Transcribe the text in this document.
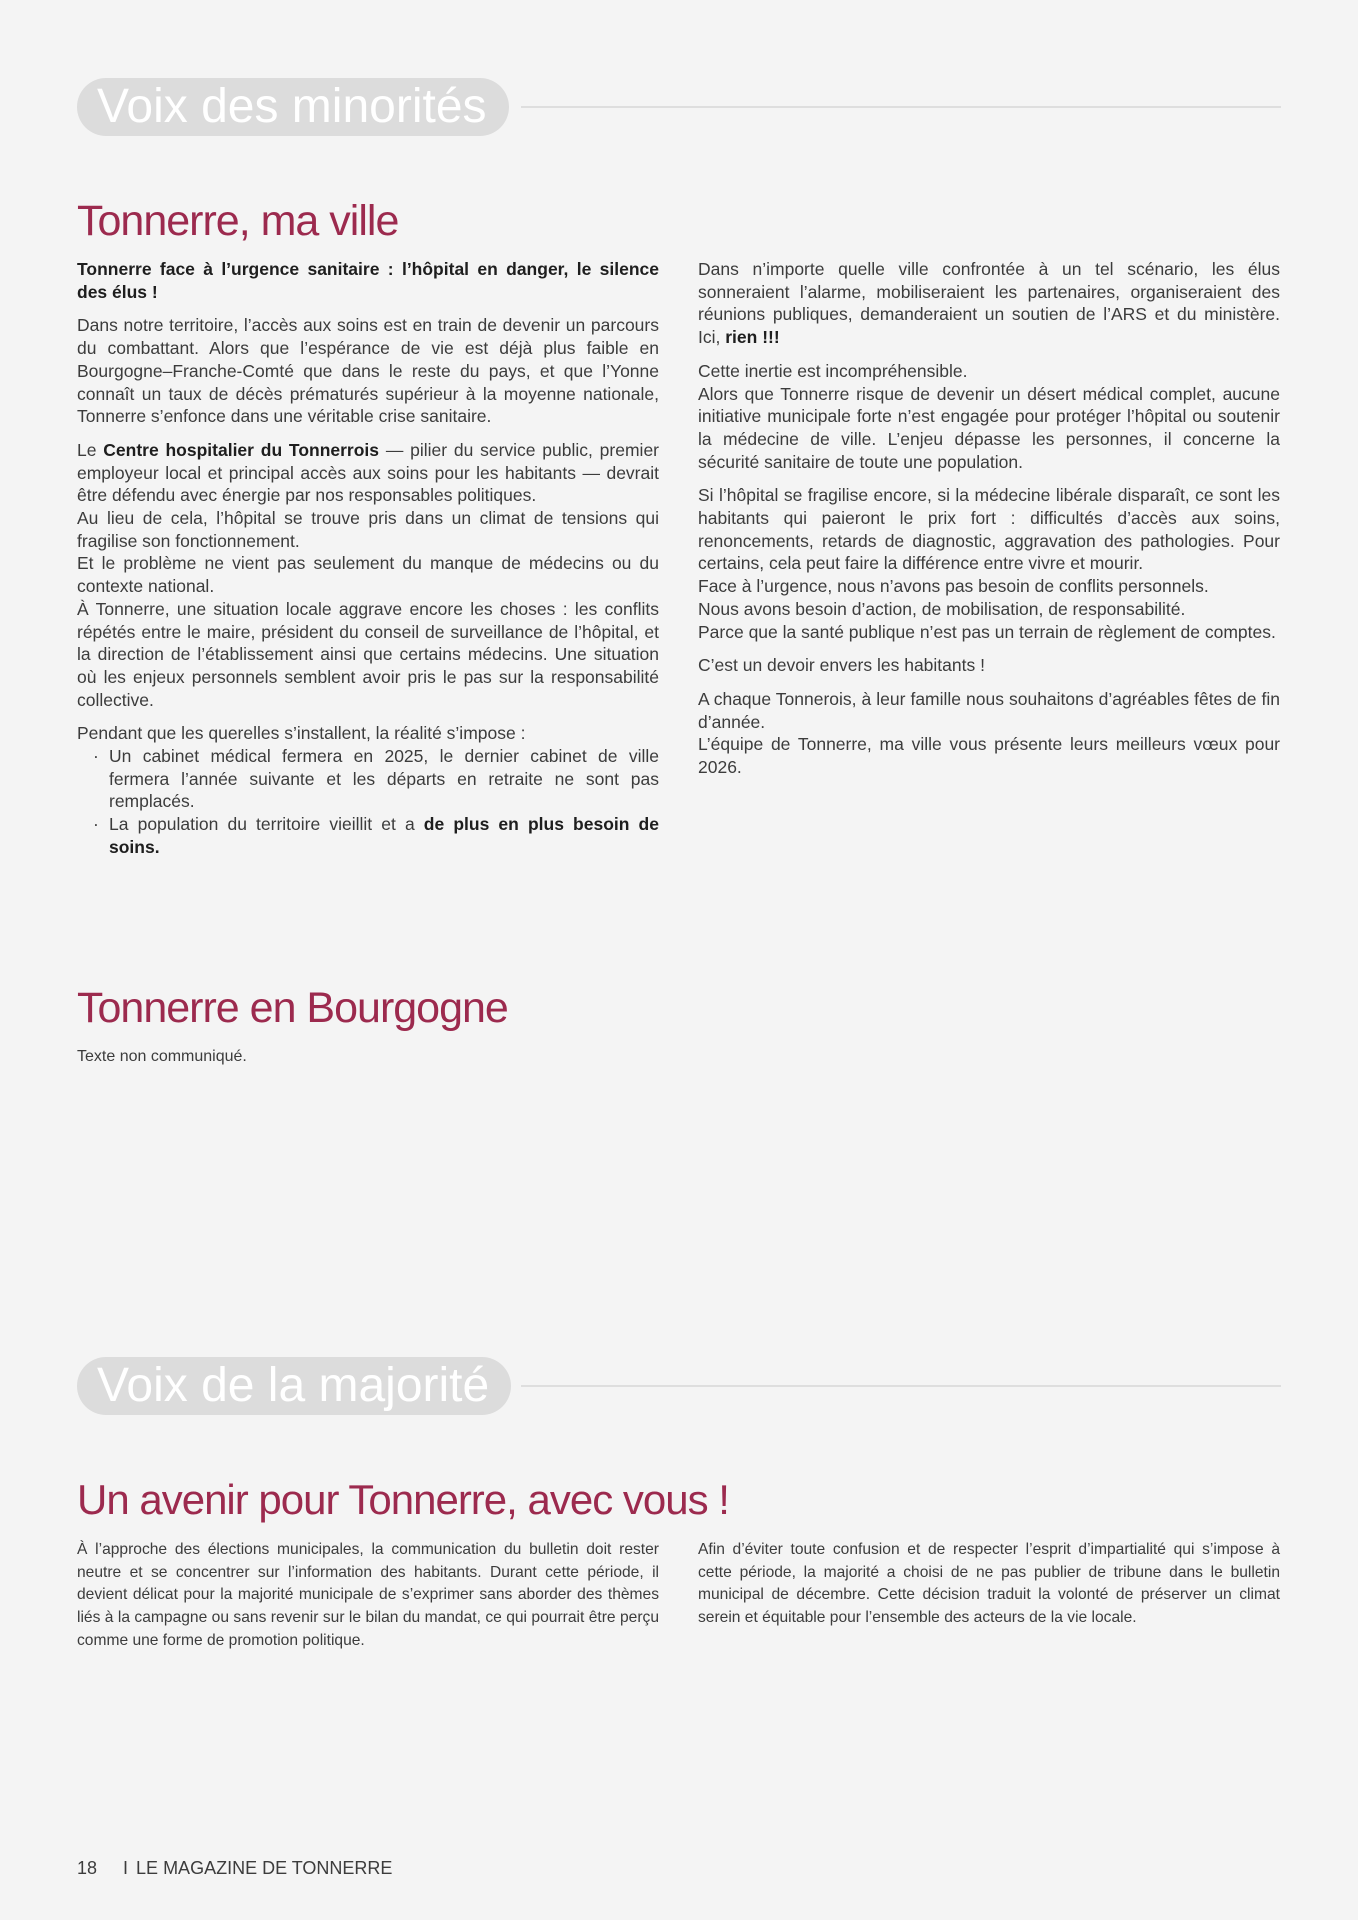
Voix des minorités
Tonnerre, ma ville

Tonnerre face à l’urgence sanitaire : l’hôpital en danger, le silence des élus !

Dans notre territoire, l’accès aux soins est en train de devenir un parcours du combattant. Alors que l’espérance de vie est déjà plus faible en Bourgogne–Franche-Comté que dans le reste du pays, et que l’Yonne connaît un taux de décès prématurés supérieur à la moyenne nationale, Tonnerre s’enfonce dans une véritable crise sanitaire.

Le Centre hospitalier du Tonnerrois — pilier du service public, premier employeur local et principal accès aux soins pour les habitants — devrait être défendu avec énergie par nos responsables politiques.

Au lieu de cela, l’hôpital se trouve pris dans un climat de tensions qui fragilise son fonctionnement.

Et le problème ne vient pas seulement du manque de médecins ou du contexte national.

À Tonnerre, une situation locale aggrave encore les choses : les conflits répétés entre le maire, président du conseil de surveillance de l’hôpital, et la direction de l’établissement ainsi que certains médecins. Une situation où les enjeux personnels semblent avoir pris le pas sur la responsabilité collective.

Pendant que les querelles s’installent, la réalité s’impose :

· Un cabinet médical fermera en 2025, le dernier cabinet de ville fermera l’année suivante et les départs en retraite ne sont pas remplacés.
· La population du territoire vieillit et a de plus en plus besoin de soins.

Dans n’importe quelle ville confrontée à un tel scénario, les élus sonneraient l’alarme, mobiliseraient les partenaires, organiseraient des réunions publiques, demanderaient un soutien de l’ARS et du ministère. Ici, rien !!!

Cette inertie est incompréhensible.

Alors que Tonnerre risque de devenir un désert médical complet, aucune initiative municipale forte n’est engagée pour protéger l’hôpital ou soutenir la médecine de ville. L’enjeu dépasse les personnes, il concerne la sécurité sanitaire de toute une population.

Si l’hôpital se fragilise encore, si la médecine libérale disparaît, ce sont les habitants qui paieront le prix fort : difficultés d’accès aux soins, renoncements, retards de diagnostic, aggravation des pathologies. Pour certains, cela peut faire la différence entre vivre et mourir.

Face à l’urgence, nous n’avons pas besoin de conflits personnels.

Nous avons besoin d’action, de mobilisation, de responsabilité.

Parce que la santé publique n’est pas un terrain de règlement de comptes.

C’est un devoir envers les habitants !

A chaque Tonnerois, à leur famille nous souhaitons d’agréables fêtes de fin d’année.

L’équipe de Tonnerre, ma ville vous présente leurs meilleurs vœux pour 2026.

Tonnerre en Bourgogne
Texte non communiqué.
Voix de la majorité
Un avenir pour Tonnerre, avec vous !

À l’approche des élections municipales, la communication du bulletin doit rester neutre et se concentrer sur l’information des habitants. Durant cette période, il devient délicat pour la majorité municipale de s’exprimer sans aborder des thèmes liés à la campagne ou sans revenir sur le bilan du mandat, ce qui pourrait être perçu comme une forme de promotion politique.

Afin d’éviter toute confusion et de respecter l’esprit d’impartialité qui s’impose à cette période, la majorité a choisi de ne pas publier de tribune dans le bulletin municipal de décembre. Cette décision traduit la volonté de préserver un climat serein et équitable pour l’ensemble des acteurs de la vie locale.

18 I LE MAGAZINE DE TONNERRE
